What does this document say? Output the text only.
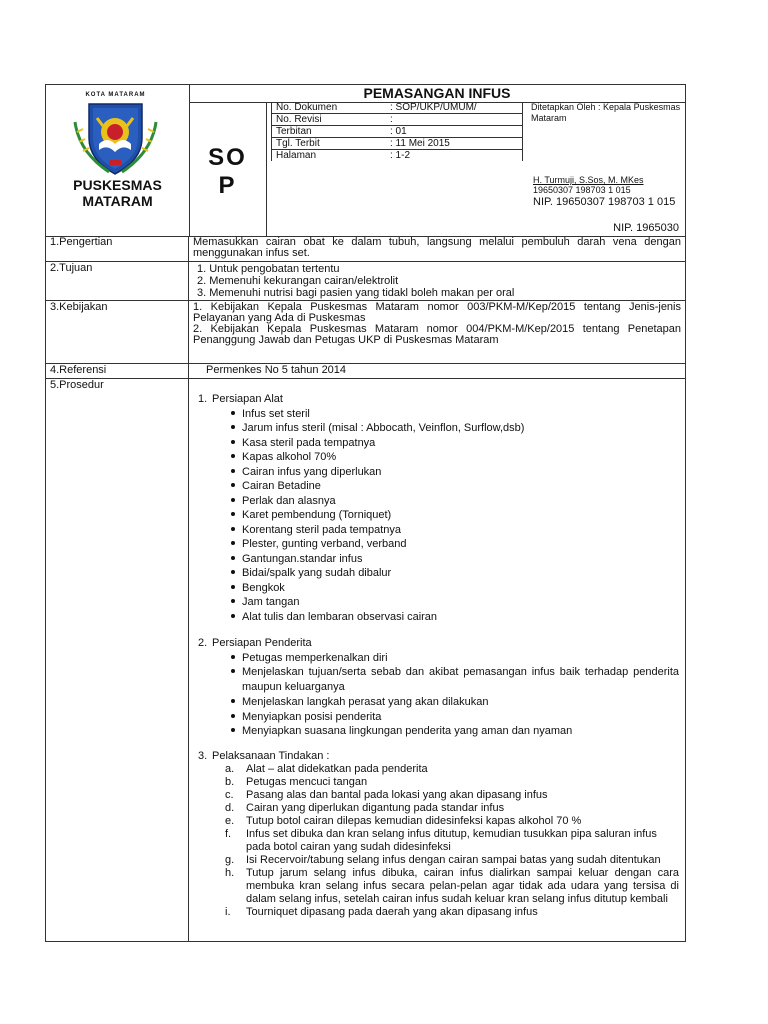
KOTA MATARAM
PUSKESMAS
MATARAM
PEMASANGAN INFUS
SO
P
No. Dokumen	: SOP/UKP/UMUM/
No. Revisi	:
Terbitan	: 01
Tgl. Terbit	: 11 Mei 2015
Halaman	: 1-2
Ditetapkan Oleh : Kepala Puskesmas Mataram
H. Turmuji, S.Sos, M. MKes
19650307 198703 1 015
NIP. 19650307 198703 1 015
NIP. 1965030
1.Pengertian	Memasukkan cairan obat ke dalam tubuh, langsung melalui pembuluh darah vena dengan menggunakan infus set.
2.Tujuan	1. Untuk pengobatan tertentu
2. Memenuhi kekurangan cairan/elektrolit
3. Memenuhi nutrisi bagi pasien yang tidakl boleh makan per oral
3.Kebijakan	1. Kebijakan Kepala Puskesmas Mataram nomor 003/PKM-M/Kep/2015 tentang Jenis-jenis Pelayanan yang Ada di Puskesmas
2. Kebijakan Kepala Puskesmas Mataram nomor 004/PKM-M/Kep/2015 tentang Penetapan Penanggung Jawab dan Petugas UKP di Puskesmas Mataram
4.Referensi	Permenkes No 5 tahun 2014
5.Prosedur
1. Persiapan Alat
Infus set steril
Jarum infus steril (misal : Abbocath, Veinflon, Surflow,dsb)
Kasa steril pada tempatnya
Kapas alkohol 70%
Cairan infus yang diperlukan
Cairan Betadine
Perlak dan alasnya
Karet pembendung (Torniquet)
Korentang steril pada tempatnya
Plester, gunting verband, verband
Gantungan.standar infus
Bidai/spalk yang sudah dibalur
Bengkok
Jam tangan
Alat tulis dan lembaran observasi cairan
2. Persiapan Penderita
Petugas memperkenalkan diri
Menjelaskan tujuan/serta sebab dan akibat pemasangan infus baik terhadap penderita maupun keluarganya
Menjelaskan langkah perasat yang akan dilakukan
Menyiapkan posisi penderita
Menyiapkan suasana lingkungan penderita yang aman dan nyaman
3. Pelaksanaan Tindakan :
a. Alat – alat didekatkan pada penderita
b. Petugas mencuci tangan
c. Pasang alas dan bantal pada lokasi yang akan dipasang infus
d. Cairan yang diperlukan digantung pada standar infus
e. Tutup botol cairan dilepas kemudian didesinfeksi kapas alkohol 70 %
f. Infus set dibuka dan kran selang infus ditutup, kemudian tusukkan pipa saluran infus pada botol cairan yang sudah didesinfeksi
g. Isi Recervoir/tabung selang infus dengan cairan sampai batas yang sudah ditentukan
h. Tutup jarum selang infus dibuka, cairan infus dialirkan sampai keluar dengan cara membuka kran selang infus secara pelan-pelan agar tidak ada udara yang tersisa di dalam selang infus, setelah cairan infus sudah keluar kran selang infus ditutup kembali
i. Tourniquet dipasang pada daerah yang akan dipasang infus
